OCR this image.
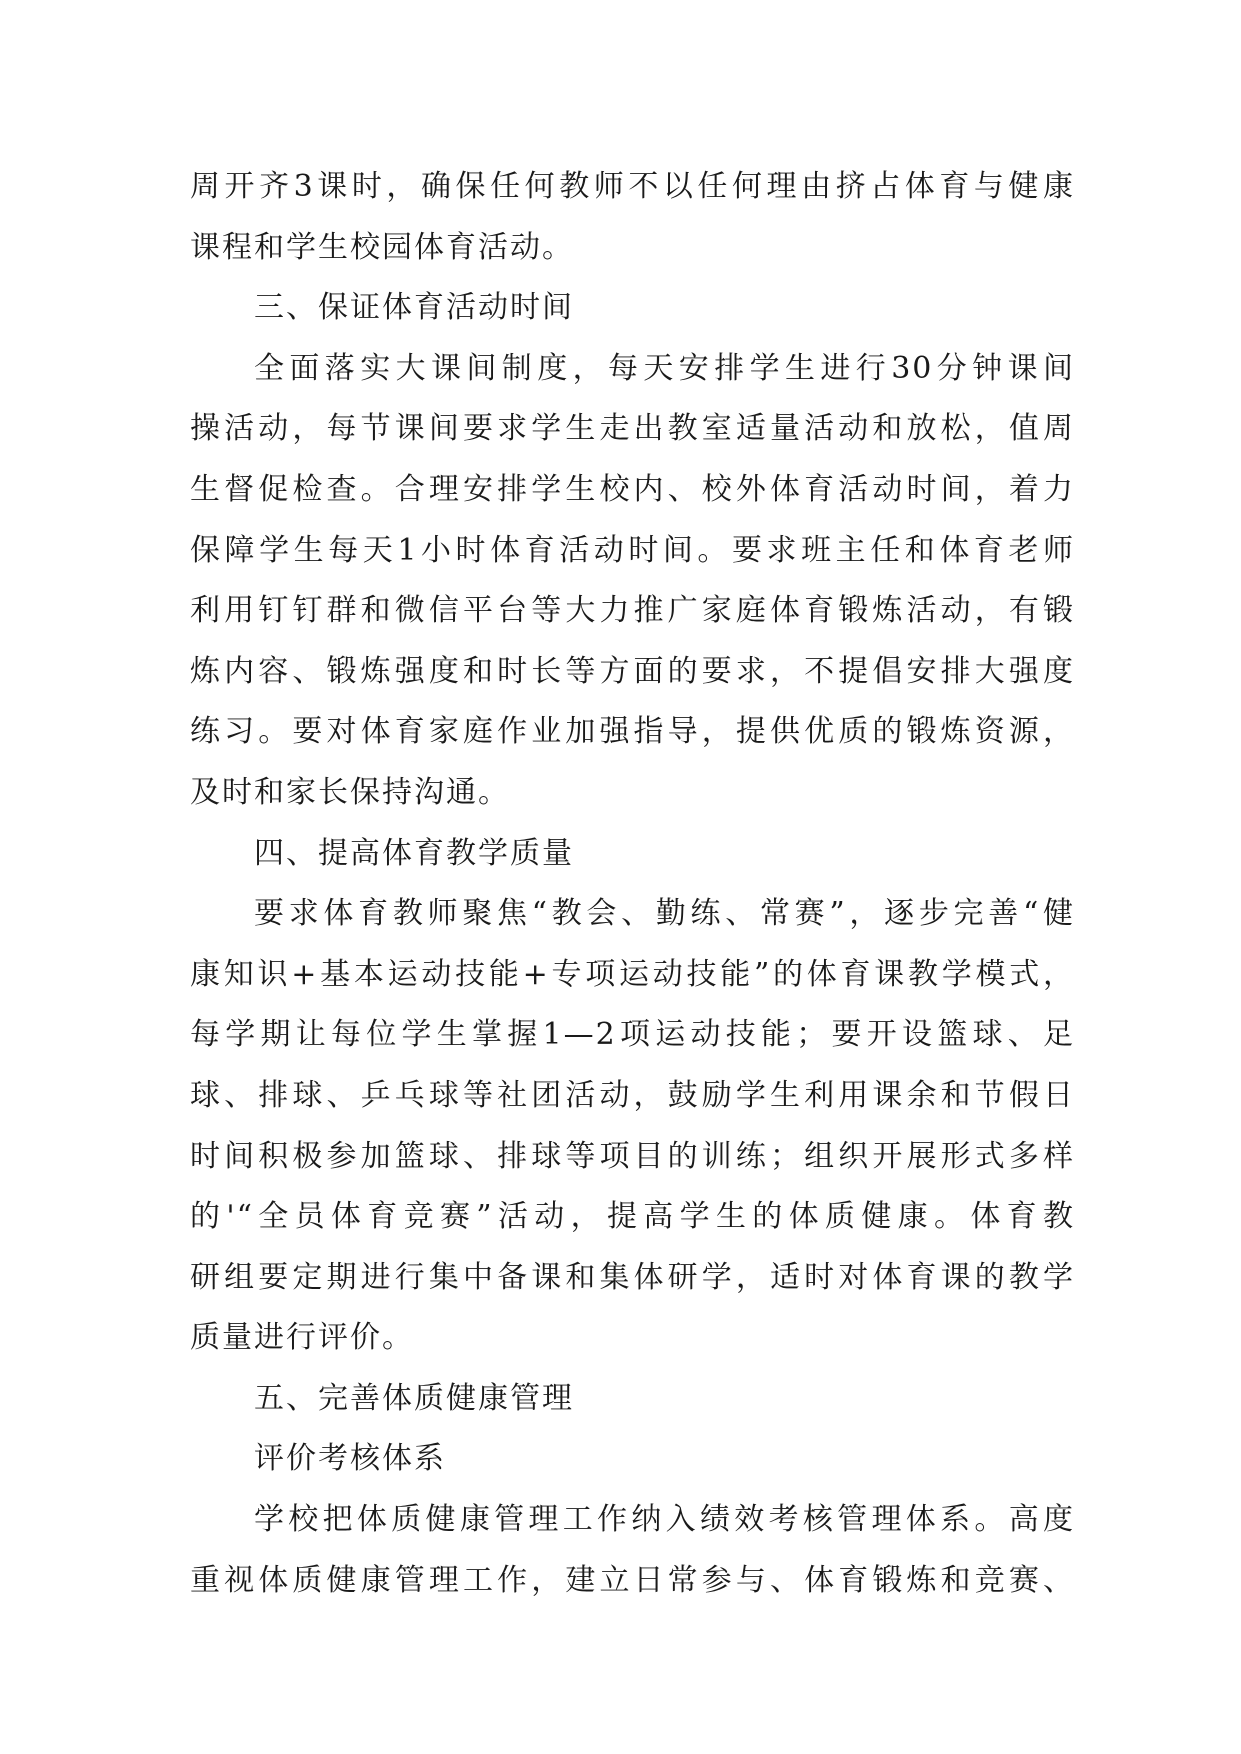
周开齐3课时，确保任何教师不以任何理由挤占体育与健康
课程和学生校园体育活动。
三、保证体育活动时间
全面落实大课间制度，每天安排学生进行30分钟课间
操活动，每节课间要求学生走出教室适量活动和放松，值周
生督促检查。合理安排学生校内、校外体育活动时间，着力
保障学生每天1小时体育活动时间。要求班主任和体育老师
利用钉钉群和微信平台等大力推广家庭体育锻炼活动，有锻
炼内容、锻炼强度和时长等方面的要求，不提倡安排大强度
练习。要对体育家庭作业加强指导，提供优质的锻炼资源，
及时和家长保持沟通。
四、提高体育教学质量
要求体育教师聚焦“教会、勤练、常赛”，逐步完善“健
康知识+基本运动技能+专项运动技能”的体育课教学模式，
每学期让每位学生掌握1—2项运动技能；要开设篮球、足
球、排球、乒乓球等社团活动，鼓励学生利用课余和节假日
时间积极参加篮球、排球等项目的训练；组织开展形式多样
的'“全员体育竞赛”活动，提高学生的体质健康。体育教
研组要定期进行集中备课和集体研学，适时对体育课的教学
质量进行评价。
五、完善体质健康管理
评价考核体系
学校把体质健康管理工作纳入绩效考核管理体系。高度
重视体质健康管理工作，建立日常参与、体育锻炼和竞赛、
